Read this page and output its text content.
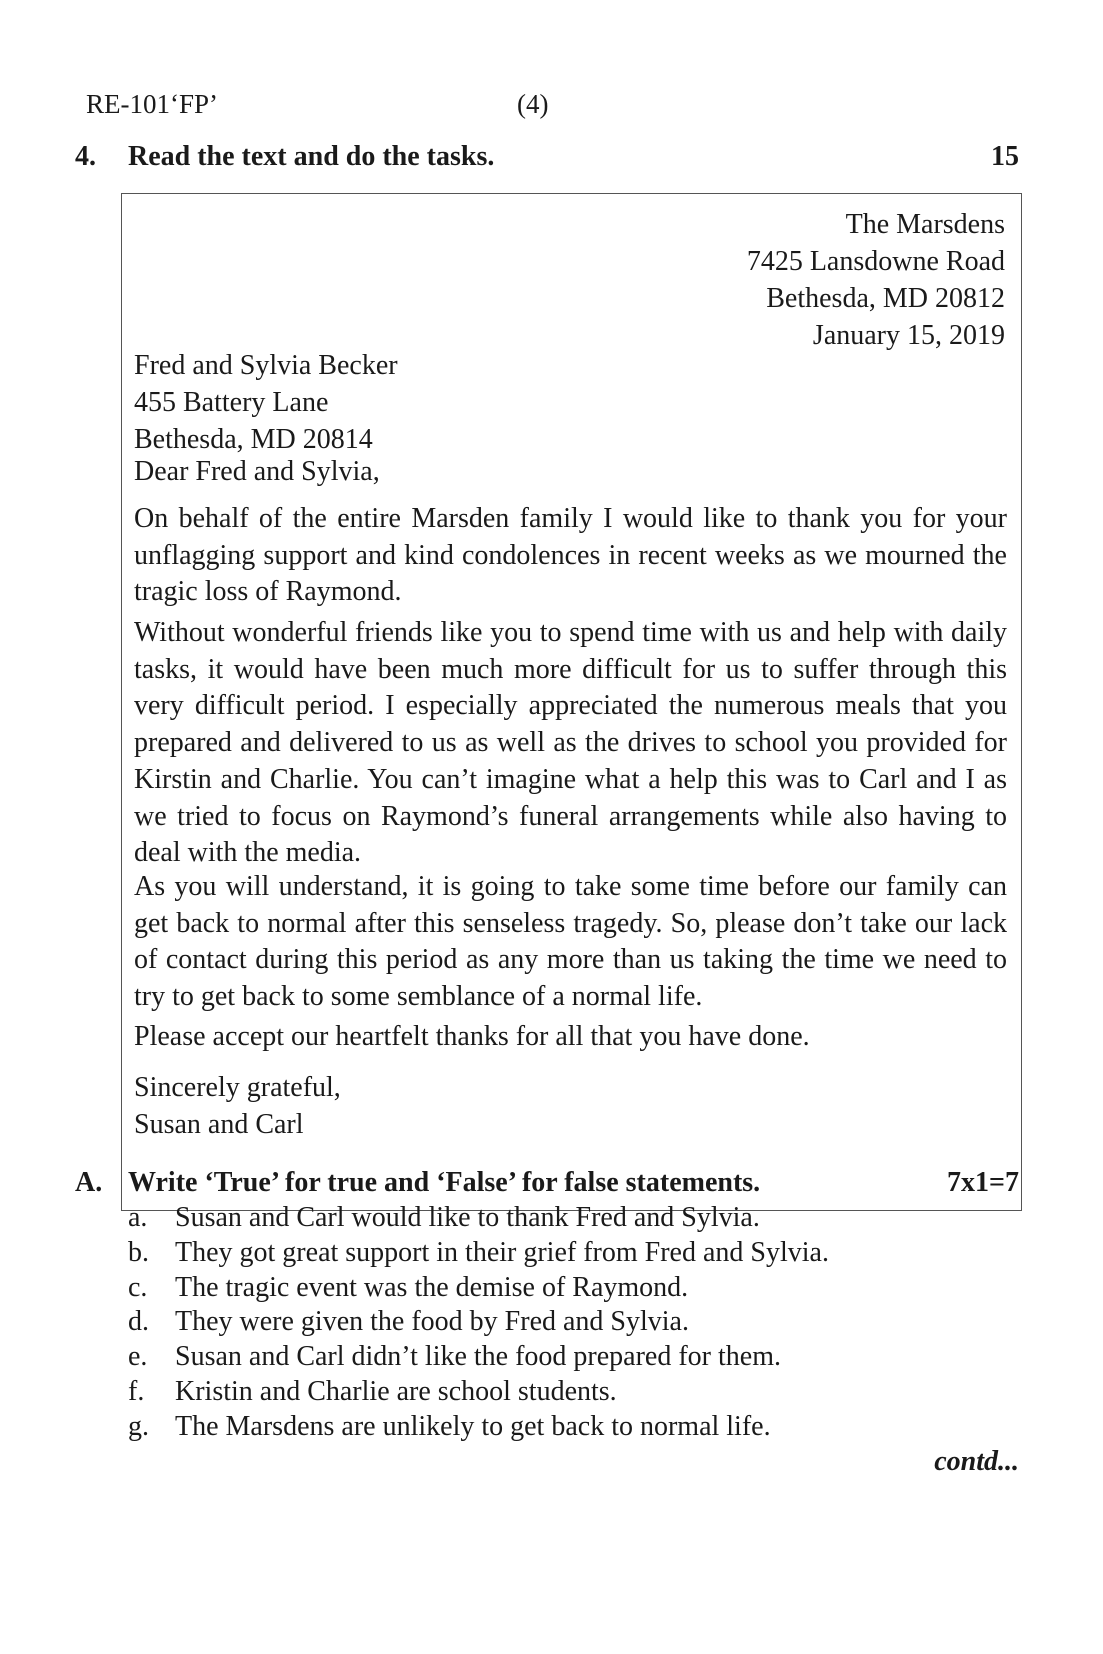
RE-101‘FP’	(4)
4. Read the text and do the tasks.	15
The Marsdens
7425 Lansdowne Road
Bethesda, MD 20812
January 15, 2019
Fred and Sylvia Becker
455 Battery Lane
Bethesda, MD 20814
Dear Fred and Sylvia,

On behalf of the entire Marsden family I would like to thank you for your unflagging support and kind condolences in recent weeks as we mourned the tragic loss of Raymond.

Without wonderful friends like you to spend time with us and help with daily tasks, it would have been much more difficult for us to suffer through this very difficult period. I especially appreciated the numerous meals that you prepared and delivered to us as well as the drives to school you provided for Kirstin and Charlie. You can’t imagine what a help this was to Carl and I as we tried to focus on Raymond’s funeral arrangements while also having to deal with the media.

As you will understand, it is going to take some time before our family can get back to normal after this senseless tragedy. So, please don’t take our lack of contact during this period as any more than us taking the time we need to try to get back to some semblance of a normal life.

Please accept our heartfelt thanks for all that you have done.

Sincerely grateful,
Susan and Carl
A. Write ‘True’ for true and ‘False’ for false statements.	7x1=7
a. Susan and Carl would like to thank Fred and Sylvia.
b. They got great support in their grief from Fred and Sylvia.
c. The tragic event was the demise of Raymond.
d. They were given the food by Fred and Sylvia.
e. Susan and Carl didn’t like the food prepared for them.
f. Kristin and Charlie are school students.
g. The Marsdens are unlikely to get back to normal life.
contd...
